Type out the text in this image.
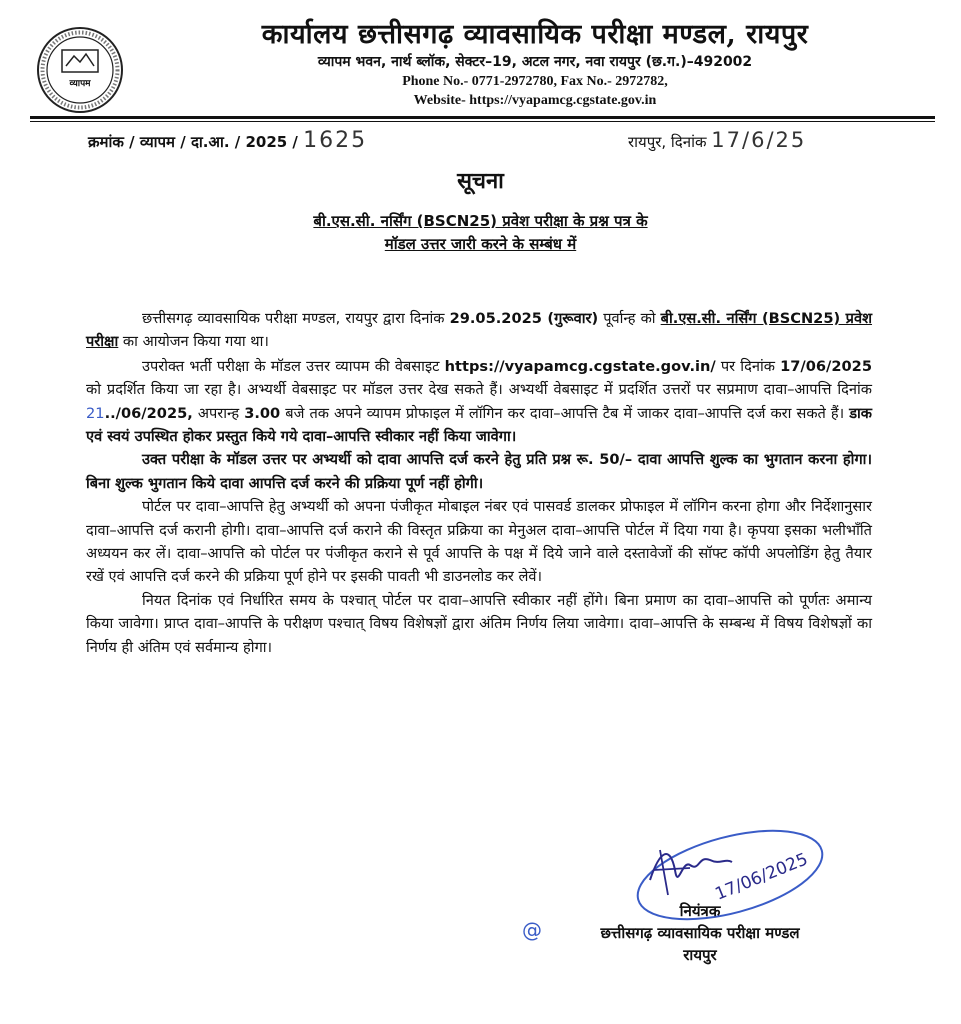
व्यापम
कार्यालय छत्तीसगढ़ व्यावसायिक परीक्षा मण्डल, रायपुर
व्यापम भवन, नार्थ ब्लॉक, सेक्टर–19, अटल नगर, नवा रायपुर (छ.ग.)–492002
Phone No.- 0771-2972780, Fax No.- 2972782,
Website- https://vyapamcg.cgstate.gov.in
क्रमांक / व्यापम / दा.आ. / 2025 / 1625	रायपुर, दिनांक 17/6/25
सूचना
बी.एस.सी. नर्सिंग (BSCN25) प्रवेश परीक्षा के प्रश्न पत्र के
मॉडल उत्तर जारी करने के सम्बंध में

छत्तीसगढ़ व्यावसायिक परीक्षा मण्डल, रायपुर द्वारा दिनांक 29.05.2025 (गुरूवार) पूर्वान्ह को बी.एस.सी. नर्सिंग (BSCN25) प्रवेश परीक्षा का आयोजन किया गया था।

उपरोक्त भर्ती परीक्षा के मॉडल उत्तर व्यापम की वेबसाइट https://vyapamcg.cgstate.gov.in/ पर दिनांक 17/06/2025 को प्रदर्शित किया जा रहा है। अभ्यर्थी वेबसाइट पर मॉडल उत्तर देख सकते हैं। अभ्यर्थी वेबसाइट में प्रदर्शित उत्तरों पर सप्रमाण दावा–आपत्ति दिनांक 21../06/2025, अपरान्ह 3.00 बजे तक अपने व्यापम प्रोफाइल में लॉगिन कर दावा–आपत्ति टैब में जाकर दावा–आपत्ति दर्ज करा सकते हैं। डाक एवं स्वयं उपस्थित होकर प्रस्तुत किये गये दावा–आपत्ति स्वीकार नहीं किया जावेगा।

उक्त परीक्षा के मॉडल उत्तर पर अभ्यर्थी को दावा आपत्ति दर्ज करने हेतु प्रति प्रश्न रू. 50/– दावा आपत्ति शुल्क का भुगतान करना होगा। बिना शुल्क भुगतान किये दावा आपत्ति दर्ज करने की प्रक्रिया पूर्ण नहीं होगी।

पोर्टल पर दावा–आपत्ति हेतु अभ्यर्थी को अपना पंजीकृत मोबाइल नंबर एवं पासवर्ड डालकर प्रोफाइल में लॉगिन करना होगा और निर्देशानुसार दावा–आपत्ति दर्ज करानी होगी। दावा–आपत्ति दर्ज कराने की विस्तृत प्रक्रिया का मेनुअल दावा–आपत्ति पोर्टल में दिया गया है। कृपया इसका भलीभाँति अध्ययन कर लें। दावा–आपत्ति को पोर्टल पर पंजीकृत कराने से पूर्व आपत्ति के पक्ष में दिये जाने वाले दस्तावेजों की सॉफ्ट कॉपी अपलोडिंग हेतु तैयार रखें एवं आपत्ति दर्ज करने की प्रक्रिया पूर्ण होने पर इसकी पावती भी डाउनलोड कर लेवें।

नियत दिनांक एवं निर्धारित समय के पश्चात् पोर्टल पर दावा–आपत्ति स्वीकार नहीं होंगे। बिना प्रमाण का दावा–आपत्ति को पूर्णतः अमान्य किया जावेगा। प्राप्त दावा–आपत्ति के परीक्षण पश्चात् विषय विशेषज्ञों द्वारा अंतिम निर्णय लिया जावेगा। दावा–आपत्ति के सम्बन्ध में विषय विशेषज्ञों का निर्णय ही अंतिम एवं सर्वमान्य होगा।

17/06/2025
@
नियंत्रक
छत्तीसगढ़ व्यावसायिक परीक्षा मण्डल
रायपुर
